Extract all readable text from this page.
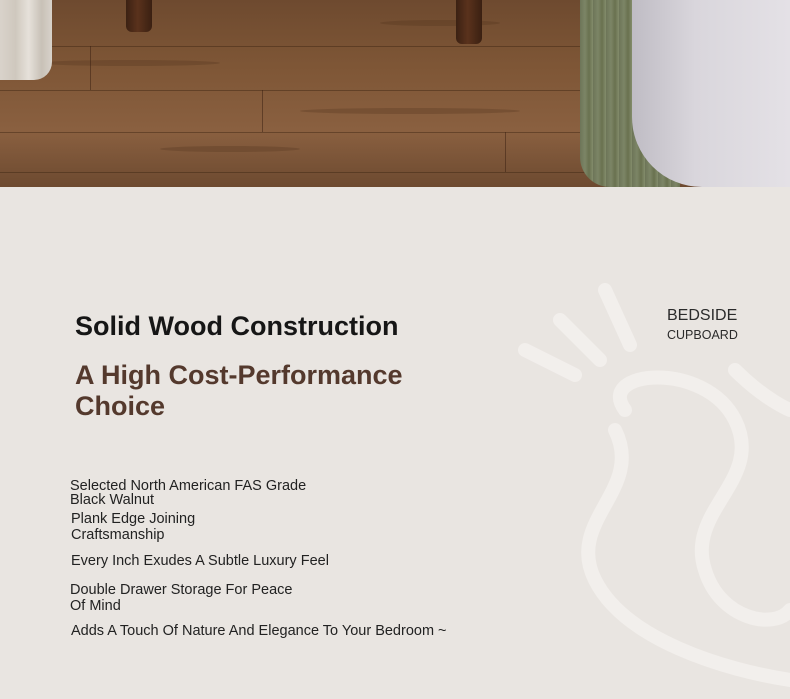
BEDSIDE
CUPBOARD
Solid Wood Construction
A High Cost-Performance Choice
Selected North American FAS Grade Black Walnut
Plank Edge Joining Craftsmanship
Every Inch Exudes A Subtle Luxury Feel
Double Drawer Storage For Peace Of Mind
Adds A Touch Of Nature And Elegance To Your Bedroom ~
